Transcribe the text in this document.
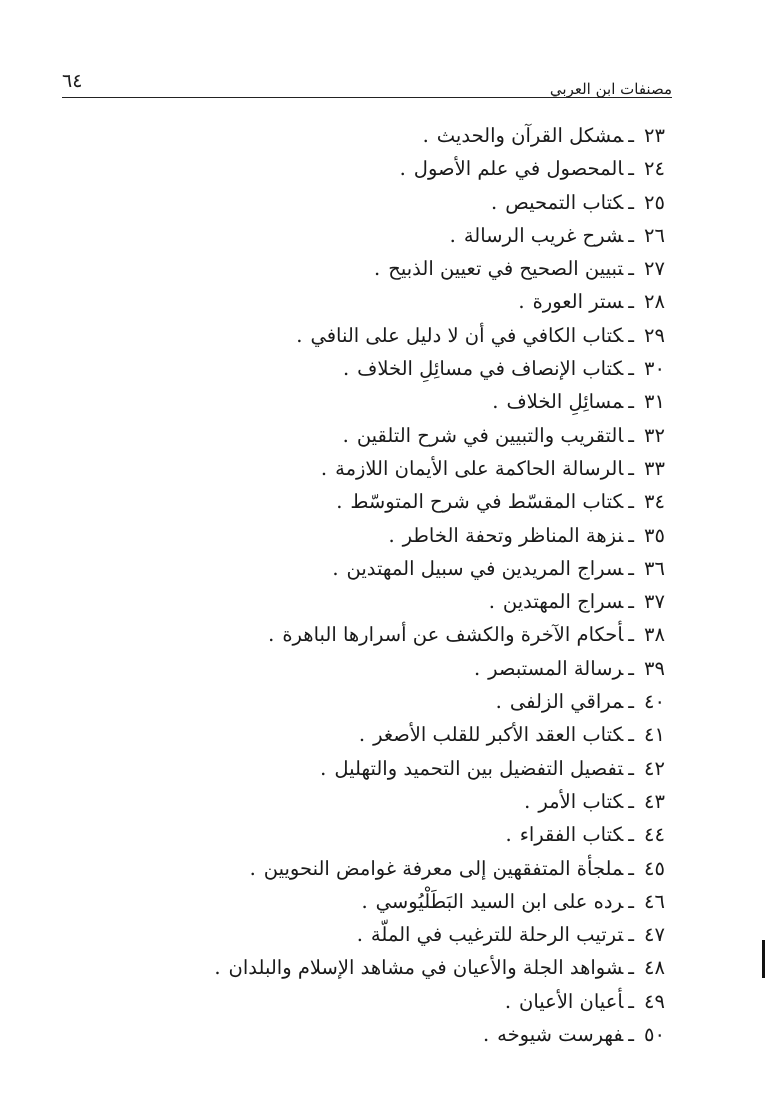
٦٤	مصنفات ابن العربي
٢٣ـمشكل القرآن والحديث.
٢٤ـالمحصول في علم الأصول.
٢٥ـكتاب التمحيص.
٢٦ـشرح غريب الرسالة.
٢٧ـتبيين الصحيح في تعيين الذبيح.
٢٨ـستر العورة.
٢٩ـكتاب الكافي في أن لا دليل على النافي.
٣٠ـكتاب الإنصاف في مسائِلِ الخلاف.
٣١ـمسائِلِ الخلاف.
٣٢ـالتقريب والتبيين في شرح التلقين.
٣٣ـالرسالة الحاكمة على الأيمان اللازمة.
٣٤ـكتاب المقسّط في شرح المتوسّط.
٣٥ـنزهة المناظر وتحفة الخاطر.
٣٦ـسراج المريدين في سبيل المهتدين.
٣٧ـسراج المهتدين.
٣٨ـأحكام الآخرة والكشف عن أسرارها الباهرة.
٣٩ـرسالة المستبصر.
٤٠ـمراقي الزلفى.
٤١ـكتاب العقد الأكبر للقلب الأصغر.
٤٢ـتفصيل التفضيل بين التحميد والتهليل.
٤٣ـكتاب الأمر.
٤٤ـكتاب الفقراء.
٤٥ـملجأة المتفقهين إلى معرفة غوامض النحويين.
٤٦ـرده على ابن السيد البَطَلْيُوسي.
٤٧ـترتيب الرحلة للترغيب في الملّة.
٤٨ـشواهد الجلة والأعيان في مشاهد الإسلام والبلدان.
٤٩ـأعيان الأعيان.
٥٠ـفهرست شيوخه.
